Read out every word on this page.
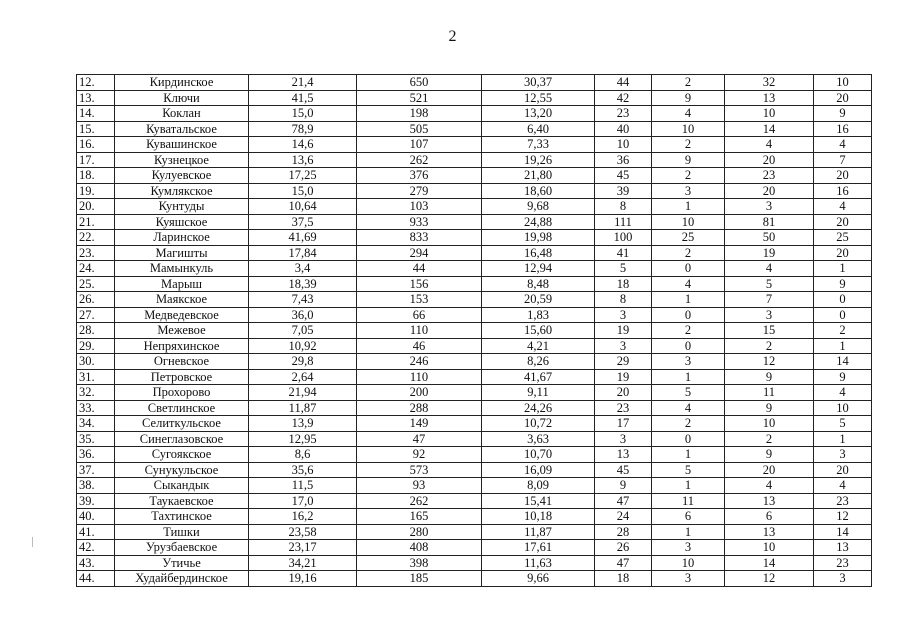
2
12.	Кирдинское	21,4	650	30,37	44	2	32	10
13.	Ключи	41,5	521	12,55	42	9	13	20
14.	Коклан	15,0	198	13,20	23	4	10	9
15.	Куватальское	78,9	505	6,40	40	10	14	16
16.	Кувашинское	14,6	107	7,33	10	2	4	4
17.	Кузнецкое	13,6	262	19,26	36	9	20	7
18.	Кулуевское	17,25	376	21,80	45	2	23	20
19.	Кумлякское	15,0	279	18,60	39	3	20	16
20.	Кунтуды	10,64	103	9,68	8	1	3	4
21.	Куяшское	37,5	933	24,88	111	10	81	20
22.	Ларинское	41,69	833	19,98	100	25	50	25
23.	Магишты	17,84	294	16,48	41	2	19	20
24.	Мамынкуль	3,4	44	12,94	5	0	4	1
25.	Марыш	18,39	156	8,48	18	4	5	9
26.	Маякское	7,43	153	20,59	8	1	7	0
27.	Медведевское	36,0	66	1,83	3	0	3	0
28.	Межевое	7,05	110	15,60	19	2	15	2
29.	Непряхинское	10,92	46	4,21	3	0	2	1
30.	Огневское	29,8	246	8,26	29	3	12	14
31.	Петровское	2,64	110	41,67	19	1	9	9
32.	Прохорово	21,94	200	9,11	20	5	11	4
33.	Светлинское	11,87	288	24,26	23	4	9	10
34.	Селиткульское	13,9	149	10,72	17	2	10	5
35.	Синеглазовское	12,95	47	3,63	3	0	2	1
36.	Сугоякское	8,6	92	10,70	13	1	9	3
37.	Сунукульское	35,6	573	16,09	45	5	20	20
38.	Сыкандык	11,5	93	8,09	9	1	4	4
39.	Таукаевское	17,0	262	15,41	47	11	13	23
40.	Тахтинское	16,2	165	10,18	24	6	6	12
41.	Тишки	23,58	280	11,87	28	1	13	14
42.	Урузбаевское	23,17	408	17,61	26	3	10	13
43.	Утичье	34,21	398	11,63	47	10	14	23
44.	Худайбердинское	19,16	185	9,66	18	3	12	3
